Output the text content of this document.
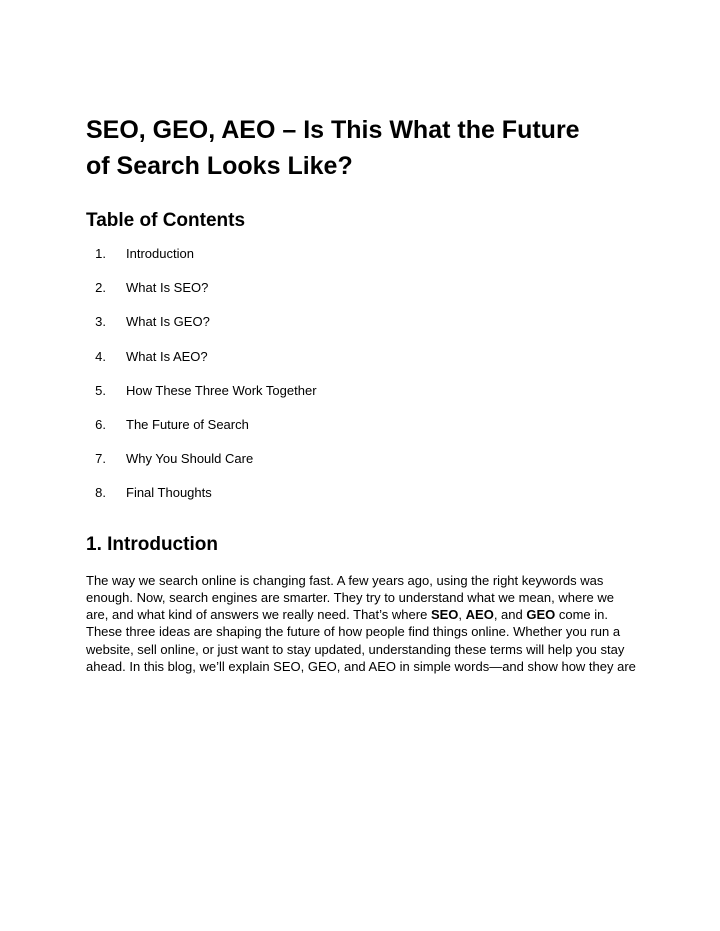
SEO, GEO, AEO – Is This What the Future
of Search Looks Like?
Table of Contents
1. Introduction
2. What Is SEO?
3. What Is GEO?
4. What Is AEO?
5. How These Three Work Together
6. The Future of Search
7. Why You Should Care
8. Final Thoughts
1. Introduction

The way we search online is changing fast. A few years ago, using the right keywords was enough. Now, search engines are smarter. They try to understand what we mean, where we are, and what kind of answers we really need. That’s where SEO, AEO, and GEO come in. These three ideas are shaping the future of how people find things online. Whether you run a website, sell online, or just want to stay updated, understanding these terms will help you stay ahead. In this blog, we’ll explain SEO, GEO, and AEO in simple words—and show how they are
